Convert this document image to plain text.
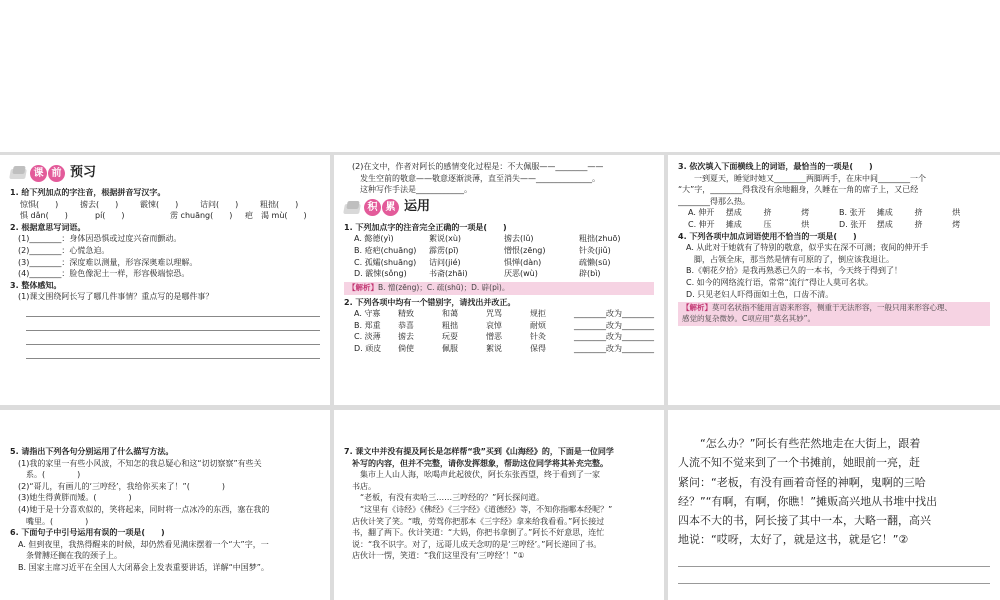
课 前 预习
1. 给下列加点的字注音，根据拼音写汉字。
惊惧(　　)	掳去(　　)	霰悚(　　)	诘问(　　)	粗拙(　　)
惧 dǎn(　　)	pí(　　)	雳 chuāng(　　)	疤　渴 mù(　　)
2. 根据意思写词语。
(1)________：身体因恐惧或过度兴奋而颤动。
(2)________：心慌急迫。
(3)________：深度难以测量，形容深奥难以理解。
(4)________：脸色像泥土一样，形容极端惊恐。
3. 整体感知。
(1)课文围绕阿长写了哪几件事情？重点写的是哪件事？
(2)在文中，作者对阿长的感情变化过程是：不大佩服——________——
发生空前的敬意——敬意逐渐淡薄，直至消失——______________。
这种写作手法是____________。
积 累 运用
1. 下列加点字的注音完全正确的一项是(　　)
A. 懿德(yì)	絮说(xù)	掳去(lǔ)	粗拙(zhuō)
B. 疮疤(chuāng)	霹雳(pī)	憎恨(zēng)	针灸(jiǔ)
C. 孤孀(shuāng)	诘问(jié)	惧惮(dàn)	疏懒(sū)
D. 霰悚(sǒng)	书斋(zhāi)	厌恶(wù)	辟(bì)
【解析】B. 憎(zēng)；C. 疏(shū)；D. 辟(pì)。
2. 下列各项中均有一个错别字，请找出并改正。
A. 守寡	精致	和蔼	咒骂	规拒	________改为________
B. 郑重	恭喜	粗拙	哀悼	耐烦	________改为________
C. 淡薄	掳去	玩耍	憎恶	针灸	________改为________
D. 顽皮	倘使	佩服	絮说	保得	________改为________
3. 依次填入下面横线上的词语，最恰当的一项是(　　)
一到夏天，睡觉时她又________两脚两手，在床中间________一个
“大”字，________得我没有余地翻身，久睡在一角的席子上，又已经
________得那么热。
A. 伸开	摆成	挤	烤	B. 张开	摊成	挤	烘
C. 伸开	摊成	压	烘	D. 张开	摆成	挤	烤
4. 下列各项中加点词语使用不恰当的一项是(　　)
A. 从此对于她就有了特别的敬意，似乎实在深不可测；夜间的伸开手
脚，占领全床，那当然是情有可原的了，倒应该我退让。
B.《朝花夕拾》是我再熟悉已久的一本书，今天终于得到了！
C. 如今的网络流行语，常常“流行”得让人莫可名状。
D. 只见老妇人吓得面如土色，口齿不清。
【解析】莫可名状指不能用言语来形容，侧重于无法形容，一般只用来形容心理、
感觉的复杂微妙。C项应用“莫名其妙”。
5. 请指出下列各句分别运用了什么描写方法。
(1)我的家里一有些小风波，不知怎的我总疑心和这“切切察察”有些关
系。(　　　　)
(2)“哥儿，有画儿的‘三哼经’，我给你买来了！”(　　　　)
(3)她生得黄胖而矮。(　　　　)
(4)她于是十分喜欢似的，笑将起来，同时将一点冰冷的东西，塞在我的
嘴里。(　　　　)
6. 下面句子中引号运用有误的一项是(　　)
A. 但到夜里，我热得醒来的时候，却仍然看见满床摆着一个“大”字，一
条臂膊还搁在我的颈子上。
B. 国家主席习近平在全国人大闭幕会上发表重要讲话，详解“中国梦”。
7. 课文中并没有提及阿长是怎样帮“我”买到《山海经》的，下面是一位同学
补写的内容，但并不完整，请你发挥想象，帮助这位同学将其补充完整。
集市上人山人海，吆喝声此起彼伏，阿长东张西望，终于看到了一家
书店。
“老板，有没有卖哈三……三哼经的？”阿长探问道。
“这里有《诗经》《佛经》《三字经》《道德经》等，不知你指哪本经呢？”
店伙计笑了笑。“哦，劳驾你把那本《三字经》拿来给我看看。”阿长接过
书，翻了两下。伙计笑道：“大妈，你把书拿倒了。”阿长不好意思，连忙
说：“我不识字。对了，远哥儿成天念叨的是‘三哼经’。”阿长递回了书。
店伙计一愣，笑道：“我们这里没有‘三哼经’！”①
“怎么办？”阿长有些茫然地走在大街上，跟着
人流不知不觉来到了一个书摊前，她眼前一亮，赶
紧问：“老板，有没有画着奇怪的神啊，鬼啊的三哈
经？”“有啊，有啊，你瞧！”摊贩高兴地从书堆中找出
四本不大的书，阿长接了其中一本，大略一翻，高兴
地说：“哎呀，太好了，就是这书，就是它！”②
